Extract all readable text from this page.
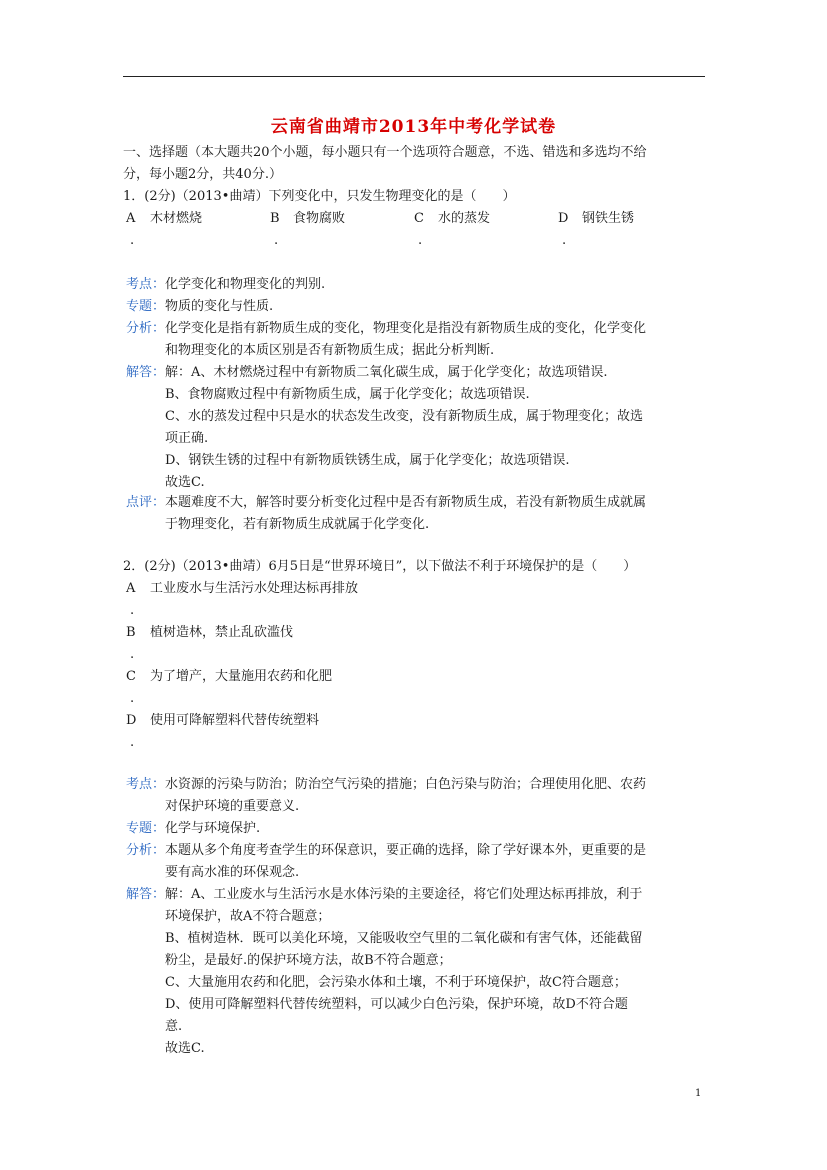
云南省曲靖市2013年中考化学试卷
一、选择题（本大题共20个小题，每小题只有一个选项符合题意，不选、错选和多选均不给
分，每小题2分，共40分.）
1．(2分)（2013•曲靖）下列变化中，只发生物理变化的是（　　）
A 木材燃烧	B 食物腐败	C 水的蒸发	D 钢铁生锈
.	.	.	.
考点： 化学变化和物理变化的判别.
专题： 物质的变化与性质.
分析： 化学变化是指有新物质生成的变化，物理变化是指没有新物质生成的变化，化学变化
和物理变化的本质区别是否有新物质生成；据此分析判断.
解答： 解：A、木材燃烧过程中有新物质二氧化碳生成，属于化学变化；故选项错误.
B、食物腐败过程中有新物质生成，属于化学变化；故选项错误.
C、水的蒸发过程中只是水的状态发生改变，没有新物质生成，属于物理变化；故选
项正确.
D、钢铁生锈的过程中有新物质铁锈生成，属于化学变化；故选项错误.
故选C.
点评： 本题难度不大，解答时要分析变化过程中是否有新物质生成，若没有新物质生成就属
于物理变化，若有新物质生成就属于化学变化.
2．(2分)（2013•曲靖）6月5日是“世界环境日”，以下做法不利于环境保护的是（　　）
A 工业废水与生活污水处理达标再排放
.
B 植树造林，禁止乱砍滥伐
.
C 为了增产，大量施用农药和化肥
.
D 使用可降解塑料代替传统塑料
.
考点： 水资源的污染与防治；防治空气污染的措施；白色污染与防治；合理使用化肥、农药
对保护环境的重要意义.
专题： 化学与环境保护.
分析： 本题从多个角度考查学生的环保意识，要正确的选择，除了学好课本外，更重要的是
要有高水准的环保观念.
解答： 解：A、工业废水与生活污水是水体污染的主要途径，将它们处理达标再排放，利于
环境保护，故A不符合题意；
B、植树造林．既可以美化环境，又能吸收空气里的二氧化碳和有害气体，还能截留
粉尘，是最好.的保护环境方法，故B不符合题意；
C、大量施用农药和化肥，会污染水体和土壤，不利于环境保护，故C符合题意；
D、使用可降解塑料代替传统塑料，可以减少白色污染，保护环境，故D不符合题
意.
故选C.
1
